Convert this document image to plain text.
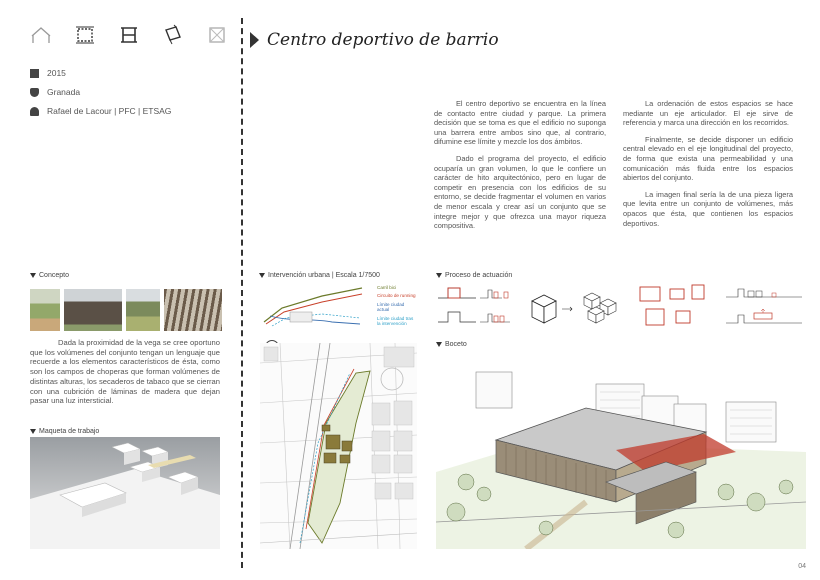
2015
Granada
Rafael de Lacour | PFC | ETSAG
Centro deportivo de barrio

El centro deportivo se encuentra en la línea de contacto entre ciudad y parque. La primera decisión que se toma es que el edificio no suponga una barrera entre ambos sino que, al contrario, difumine ese límite y mezcle los dos ámbitos.

Dado el programa del proyecto, el edificio ocuparía un gran volumen, lo que le confiere un carácter de hito arquitectónico, pero en lugar de competir en presencia con los edificios de su entorno, se decide fragmentar el volumen en varios de menor escala y crear así un conjunto que se integre mejor y que ofrezca una mayor riqueza compositiva.

La ordenación de estos espacios se hace mediante un eje articulador. El eje sirve de referencia y marca una dirección en los recorridos.

Finalmente, se decide disponer un edificio central elevado en el eje longitudinal del proyecto, de forma que exista una permeabilidad y una comunicación más fluida entre los espacios abiertos del conjunto.

La imagen final sería la de una pieza ligera que levita entre un conjunto de volúmenes, más opacos que ésta, que contienen los espacios deportivos.

Concepto

Dada la proximidad de la vega se cree oportuno que los volúmenes del conjunto tengan un lenguaje que recuerde a los elementos característicos de ésta, como son los campos de choperas que forman volúmenes de distintas alturas, los secaderos de tabaco que se cierran con una cubrición de láminas de madera que dejan pasar una luz intersticial.

Maqueta de trabajo
Intervención urbana | Escala 1/7500
Carril bici
Circuito de running
Límite ciudad actual
Límite ciudad tras la intervención
Proceso de actuación
Boceto
04
